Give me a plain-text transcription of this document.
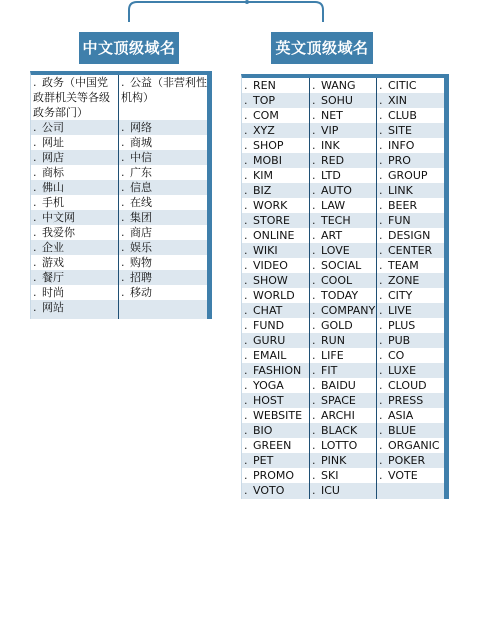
中文顶级域名	英文顶级域名
. 政务（中国党政群机关等各级政务部门）
. 公司
. 网址
. 网店
. 商标
. 佛山
. 手机
. 中文网
. 我爱你
. 企业
. 游戏
. 餐厅
. 时尚
. 网站
. 公益（非营利性机构）
. 网络
. 商城
. 中信
. 广东
. 信息
. 在线
. 集团
. 商店
. 娱乐
. 购物
. 招聘
. 移动
. REN
. TOP
. COM
. XYZ
. SHOP
. MOBI
. KIM
. BIZ
. WORK
. STORE
. ONLINE
. WIKI
. VIDEO
. SHOW
. WORLD
. CHAT
. FUND
. GURU
. EMAIL
. FASHION
. YOGA
. HOST
. WEBSITE
. BIO
. GREEN
. PET
. PROMO
. VOTO
. WANG
. SOHU
. NET
. VIP
. INK
. RED
. LTD
. AUTO
. LAW
. TECH
. ART
. LOVE
. SOCIAL
. COOL
. TODAY
. COMPANY
. GOLD
. RUN
. LIFE
. FIT
. BAIDU
. SPACE
. ARCHI
. BLACK
. LOTTO
. PINK
. SKI
. ICU
. CITIC
. XIN
. CLUB
. SITE
. INFO
. PRO
. GROUP
. LINK
. BEER
. FUN
. DESIGN
. CENTER
. TEAM
. ZONE
. CITY
. LIVE
. PLUS
. PUB
. CO
. LUXE
. CLOUD
. PRESS
. ASIA
. BLUE
. ORGANIC
. POKER
. VOTE
